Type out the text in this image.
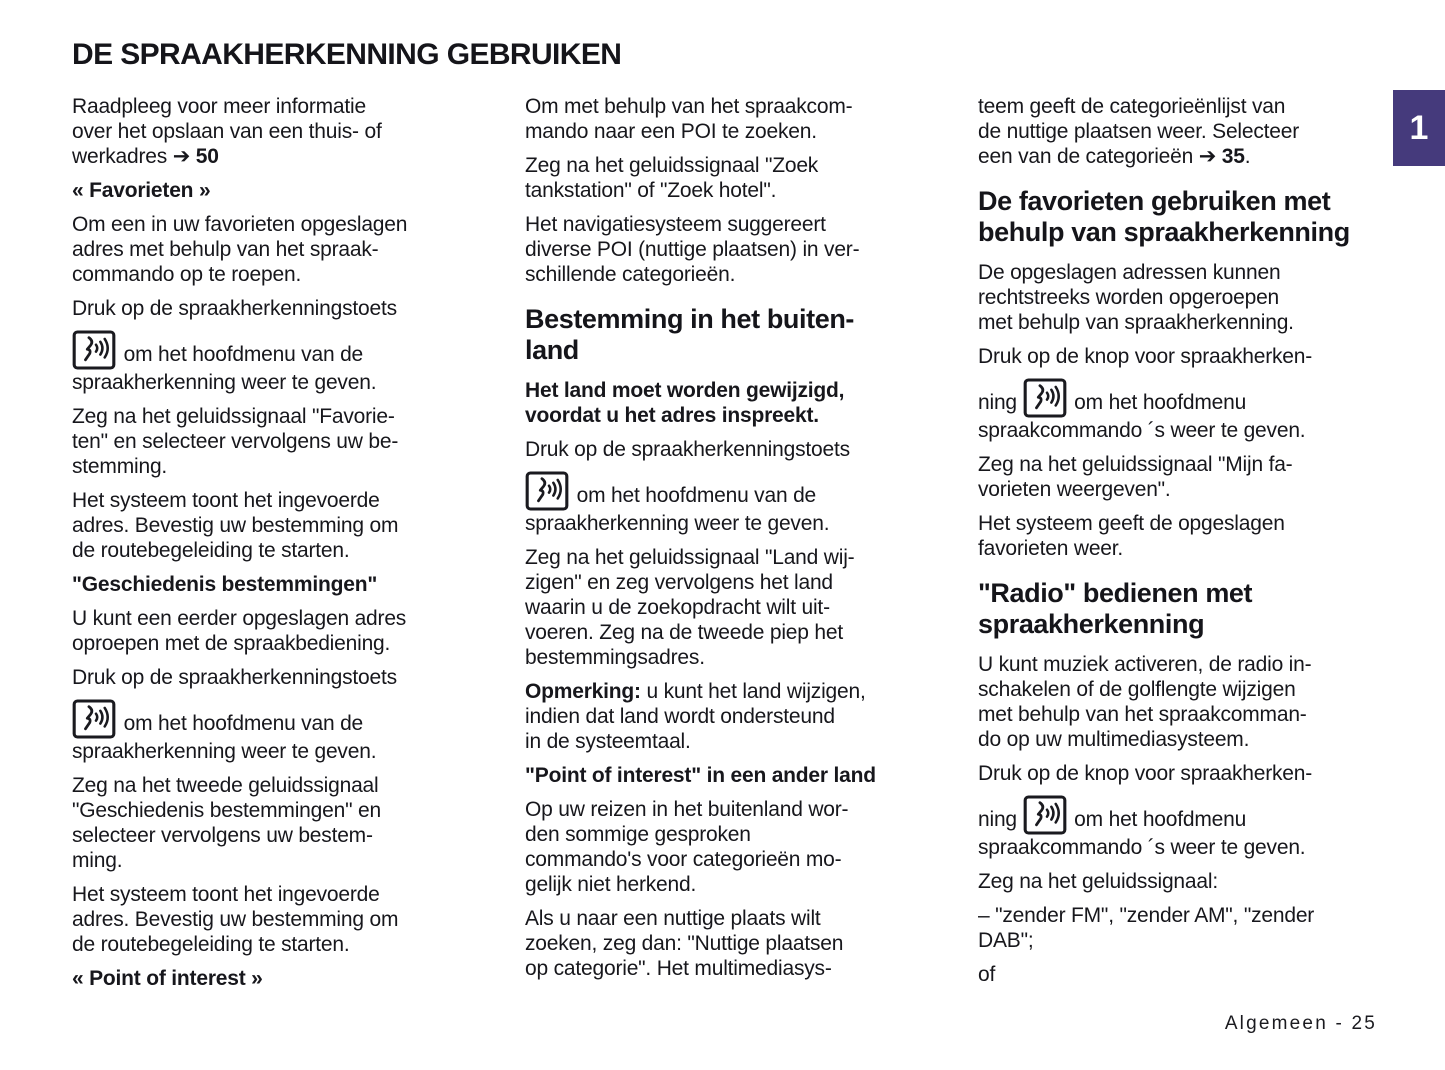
DE SPRAAKHERKENNING GEBRUIKEN

Raadpleeg voor meer informatie
over het opslaan van een thuis- of
werkadres ➔ 50

« Favorieten »

Om een in uw favorieten opgeslagen
adres met behulp van het spraak-
commando op te roepen.

Druk op de spraakherkenningstoets

om het hoofdmenu van de
spraakherkenning weer te geven.

Zeg na het geluidssignaal "Favorie-
ten" en selecteer vervolgens uw be-
stemming.

Het systeem toont het ingevoerde
adres. Bevestig uw bestemming om
de routebegeleiding te starten.

"Geschiedenis bestemmingen"

U kunt een eerder opgeslagen adres
oproepen met de spraakbediening.

Druk op de spraakherkenningstoets

om het hoofdmenu van de
spraakherkenning weer te geven.

Zeg na het tweede geluidssignaal
"Geschiedenis bestemmingen" en
selecteer vervolgens uw bestem-
ming.

Het systeem toont het ingevoerde
adres. Bevestig uw bestemming om
de routebegeleiding te starten.

« Point of interest »

Om met behulp van het spraakcom-
mando naar een POI te zoeken.

Zeg na het geluidssignaal "Zoek
tankstation" of "Zoek hotel".

Het navigatiesysteem suggereert
diverse POI (nuttige plaatsen) in ver-
schillende categorieën.

Bestemming in het buiten-
land

Het land moet worden gewijzigd,
voordat u het adres inspreekt.

Druk op de spraakherkenningstoets

om het hoofdmenu van de
spraakherkenning weer te geven.

Zeg na het geluidssignaal "Land wij-
zigen" en zeg vervolgens het land
waarin u de zoekopdracht wilt uit-
voeren. Zeg na de tweede piep het
bestemmingsadres.

Opmerking: u kunt het land wijzigen,
indien dat land wordt ondersteund
in de systeemtaal.

"Point of interest" in een ander land

Op uw reizen in het buitenland wor-
den sommige gesproken
commando's voor categorieën mo-
gelijk niet herkend.

Als u naar een nuttige plaats wilt
zoeken, zeg dan: "Nuttige plaatsen
op categorie". Het multimediasys-

teem geeft de categorieënlijst van
de nuttige plaatsen weer. Selecteer
een van de categorieën ➔ 35.

De favorieten gebruiken met
behulp van spraakherkenning

De opgeslagen adressen kunnen
rechtstreeks worden opgeroepen
met behulp van spraakherkenning.

Druk op de knop voor spraakherken-

ning  om het hoofdmenu
spraakcommando ´s weer te geven.

Zeg na het geluidssignaal "Mijn fa-
vorieten weergeven".

Het systeem geeft de opgeslagen
favorieten weer.

"Radio" bedienen met
spraakherkenning

U kunt muziek activeren, de radio in-
schakelen of de golflengte wijzigen
met behulp van het spraakcomman-
do op uw multimediasysteem.

Druk op de knop voor spraakherken-

ning  om het hoofdmenu
spraakcommando ´s weer te geven.

Zeg na het geluidssignaal:

– "zender FM", "zender AM", "zender
DAB";

of

1
Algemeen - 25
